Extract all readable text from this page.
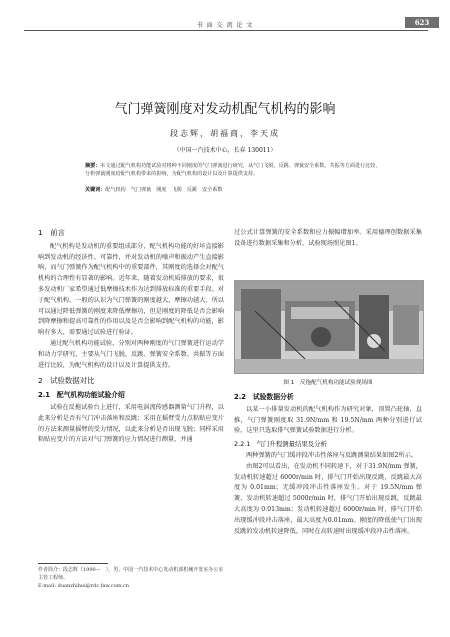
书 面 交 流 论 文	623
气门弹簧刚度对发动机配气机构的影响
段志辉，胡福商，李天成
（中国一汽技术中心，长春 130011）
摘要：本文通过配气机构功能试验对将种不同刚度的气门弹簧进行研究，从气门飞脱、反跳、弹簧安全系数、共振等方面进行比较，分析弹簧刚度给配气机构带来的影响，为配气机构的设计以及计算提供支持。
关键词：配气机构　气门弹簧　刚度　飞脱　反跳　安全系数
1　前言

配气机构是发动机的重要组成部分，配气机构功能的好坏直接影响到发动机的经济性、可靠性，并对发动机的噪声和振动产生直接影响，而气门弹簧作为配气机构中的重要部件，其刚度的选择会对配气机构的合理性有显著的影响。近年来，随着发动机质排放的要求，很多发动机厂家希望通过低摩擦技术作为达到排放标准的重要手段。对于配气机构，一般的认识为气门弹簧的刚度越大，摩擦功越大，所以可以通过降低弹簧的刚度来降低摩擦功，但是刚度的降低是否会影响到降摩擦和提高可靠性的作用以及是否会影响到配气机构的功能，影响有多大，需要通过试验进行验证。

通过配气机构功能试验，分别对两种刚度的气门弹簧进行运动学和动力学研究，主要从气门飞脱、反跳、弹簧安全系数、共振等方面进行比较，为配气机构的设计以及计算提供支持。

2　试验数据对比
2.1　配气机构功能试验介绍

试验在反拖试验台上进行，采用电涡流传感器测量气门升程，以此来分析是否有气门冲击落座和反跳；采用在摇臂受力点粘贴应变片的方法来测量摇臂的受力情况，以此来分析是否出现飞脱；同样采用粘贴应变片的方法对气门弹簧的应力情况进行测量，并通

作者简介：段志辉（1990—　），男，中国一汽技术中心发动机部机械开发室办公室主管工程师。
E-mail: duanzhihui@rdc.faw.com.cn

过公式计算弹簧的安全系数和应力振幅增加率。采用德理创数据采集设备进行数据采集和分析，试验现场照见图1。

图 1　反拖配气机构功能试验现场图
2.2　试验数据分析

以某一小排量发动机的配气机构作为研究对象，顶置凸轮轴，直推，气门弹簧刚度取 31.9N/mm 和 19.5N/mm 两种分别进行试验，这里只选取排气弹簧试验数据进行分析。

2.2.1　气门升程测量结果及分析

两种弹簧的气门缓冲段冲击性落座与反跳测量结果如图2所示。

由图2可以看出，在发动机不同转速下，对于31.9N/mm 弹簧，发动机转速超过 6000r/min 时，排气门开始出现反跳，反跳最大高度为 0.01mm；无缓冲段冲击性落座发生。对于 19.5N/mm 弹簧，发动机转速超过 5000r/min 时，排气门开始出现反跳，反跳最大高度为 0.013mm；发动机转速超过 6000r/min 时，排气门开始出现缓冲段冲击落座，最大高度为0.01mm。刚度的降低使气门出现反跳的发动机转速降低，同时在高转速时出现缓冲段冲击性落座。
